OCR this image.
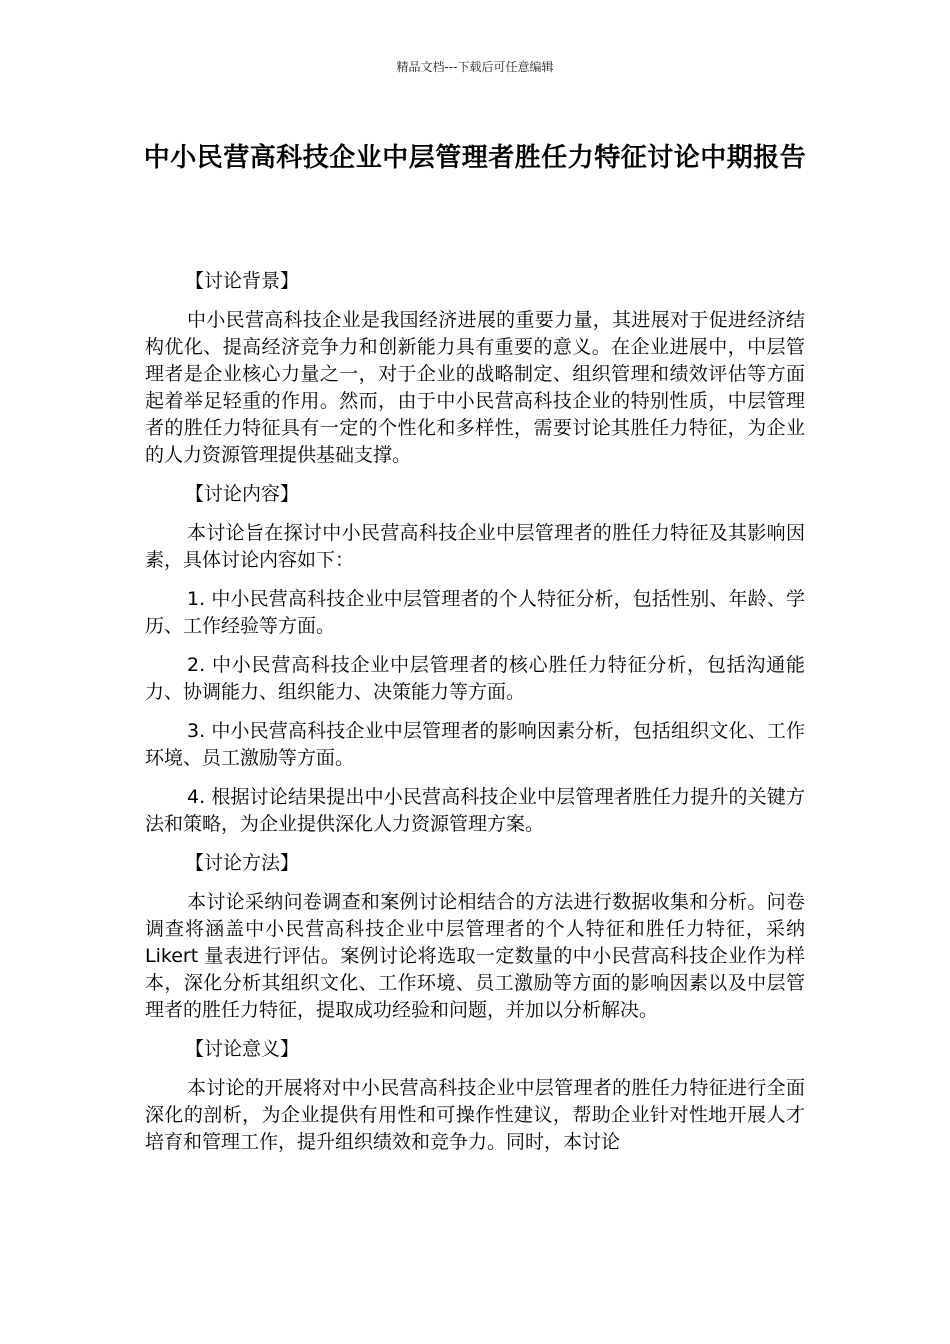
精品文档---下载后可任意编辑
中小民营高科技企业中层管理者胜任力特征讨论中期报告
【讨论背景】
中小民营高科技企业是我国经济进展的重要力量，其进展对于促进经济结构优化、提高经济竞争力和创新能力具有重要的意义。在企业进展中，中层管理者是企业核心力量之一，对于企业的战略制定、组织管理和绩效评估等方面起着举足轻重的作用。然而，由于中小民营高科技企业的特别性质，中层管理者的胜任力特征具有一定的个性化和多样性，需要讨论其胜任力特征，为企业的人力资源管理提供基础支撑。
【讨论内容】
本讨论旨在探讨中小民营高科技企业中层管理者的胜任力特征及其影响因素，具体讨论内容如下：
1. 中小民营高科技企业中层管理者的个人特征分析，包括性别、年龄、学历、工作经验等方面。
2. 中小民营高科技企业中层管理者的核心胜任力特征分析，包括沟通能力、协调能力、组织能力、决策能力等方面。
3. 中小民营高科技企业中层管理者的影响因素分析，包括组织文化、工作环境、员工激励等方面。
4. 根据讨论结果提出中小民营高科技企业中层管理者胜任力提升的关键方法和策略，为企业提供深化人力资源管理方案。
【讨论方法】
本讨论采纳问卷调查和案例讨论相结合的方法进行数据收集和分析。问卷调查将涵盖中小民营高科技企业中层管理者的个人特征和胜任力特征，采纳 Likert 量表进行评估。案例讨论将选取一定数量的中小民营高科技企业作为样本，深化分析其组织文化、工作环境、员工激励等方面的影响因素以及中层管理者的胜任力特征，提取成功经验和问题，并加以分析解决。
【讨论意义】
本讨论的开展将对中小民营高科技企业中层管理者的胜任力特征进行全面深化的剖析，为企业提供有用性和可操作性建议，帮助企业针对性地开展人才培育和管理工作，提升组织绩效和竞争力。同时，本讨论
